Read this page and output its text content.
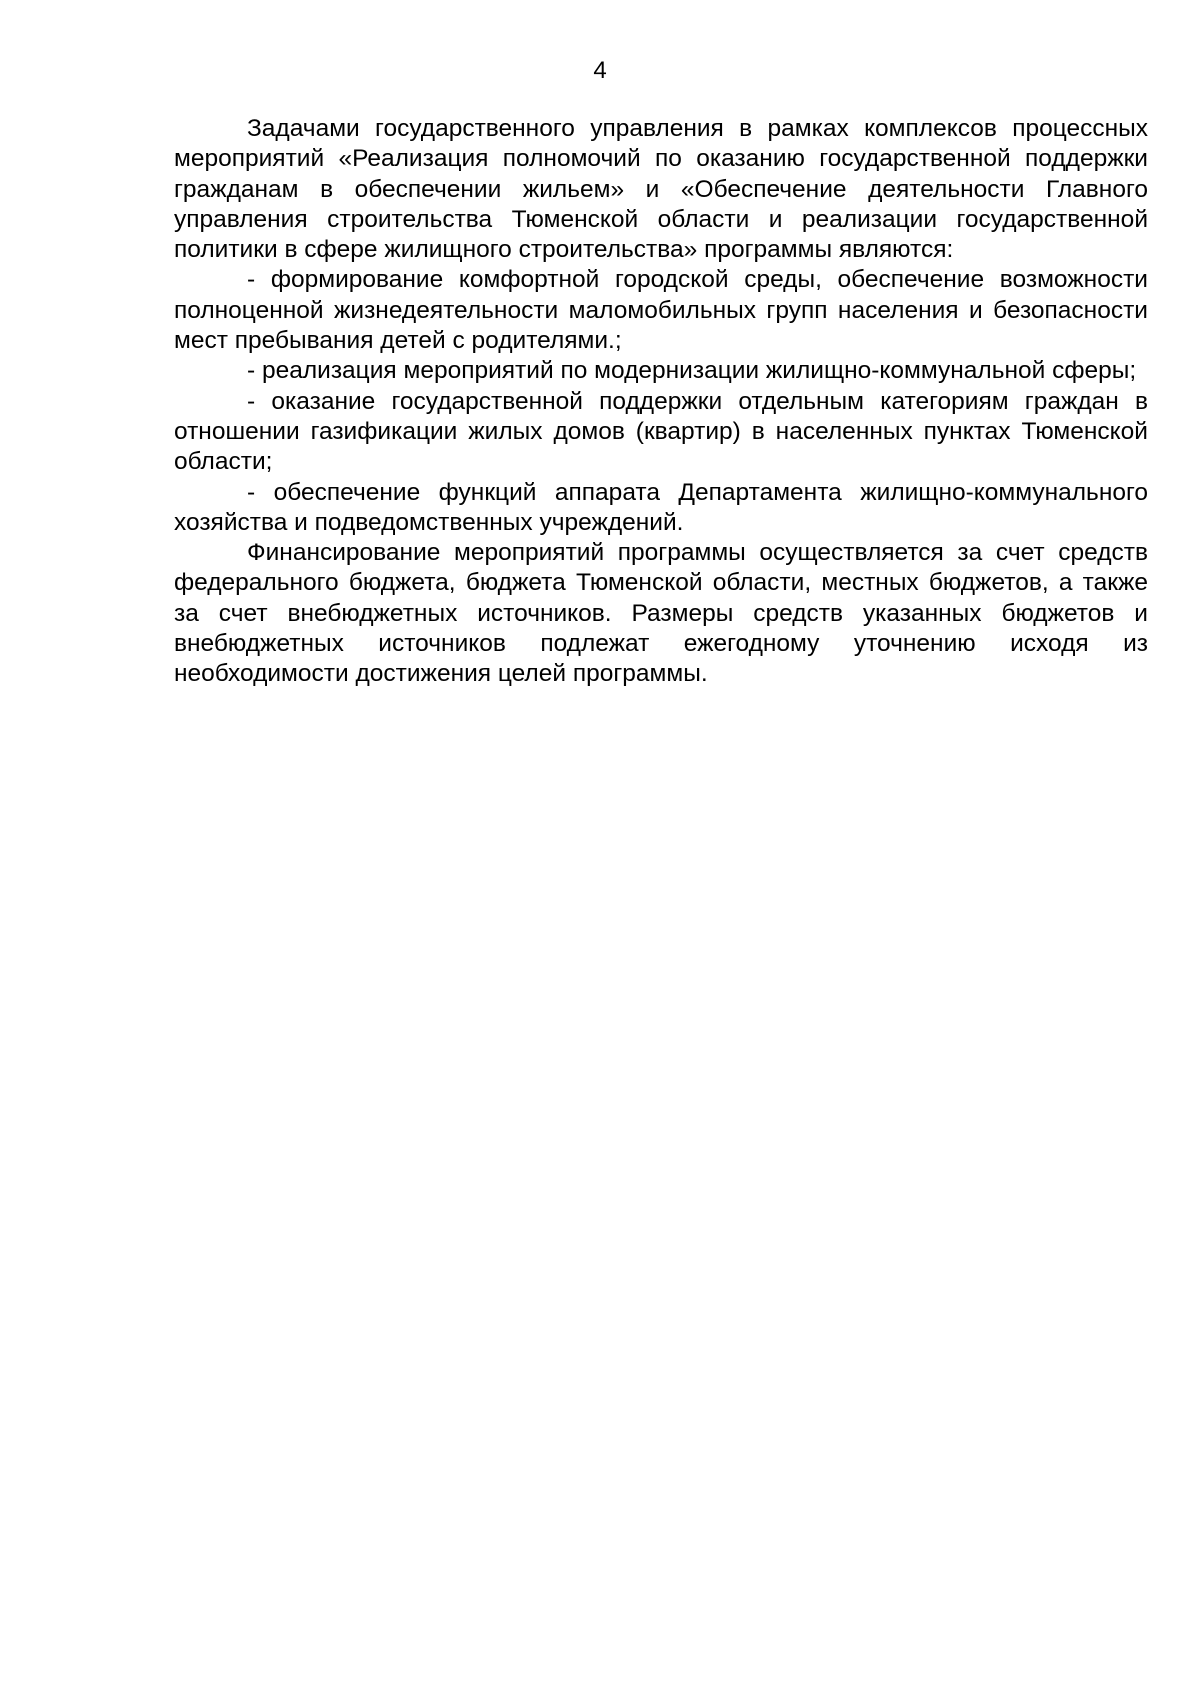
4

Задачами государственного управления в рамках комплексов процессных мероприятий «Реализация полномочий по оказанию государственной поддержки гражданам в обеспечении жильем» и «Обеспечение деятельности Главного управления строительства Тюменской области и реализации государственной политики в сфере жилищного строительства» программы являются:

- формирование комфортной городской среды, обеспечение возможности полноценной жизнедеятельности маломобильных групп населения и безопасности мест пребывания детей с родителями.;

- реализация мероприятий по модернизации жилищно-коммунальной сферы;

- оказание государственной поддержки отдельным категориям граждан в отношении газификации жилых домов (квартир) в населенных пунктах Тюменской области;

- обеспечение функций аппарата Департамента жилищно-коммунального хозяйства и подведомственных учреждений.

Финансирование мероприятий программы осуществляется за счет средств федерального бюджета, бюджета Тюменской области, местных бюджетов, а также за счет внебюджетных источников. Размеры средств указанных бюджетов и внебюджетных источников подлежат ежегодному уточнению исходя из необходимости достижения целей программы.
